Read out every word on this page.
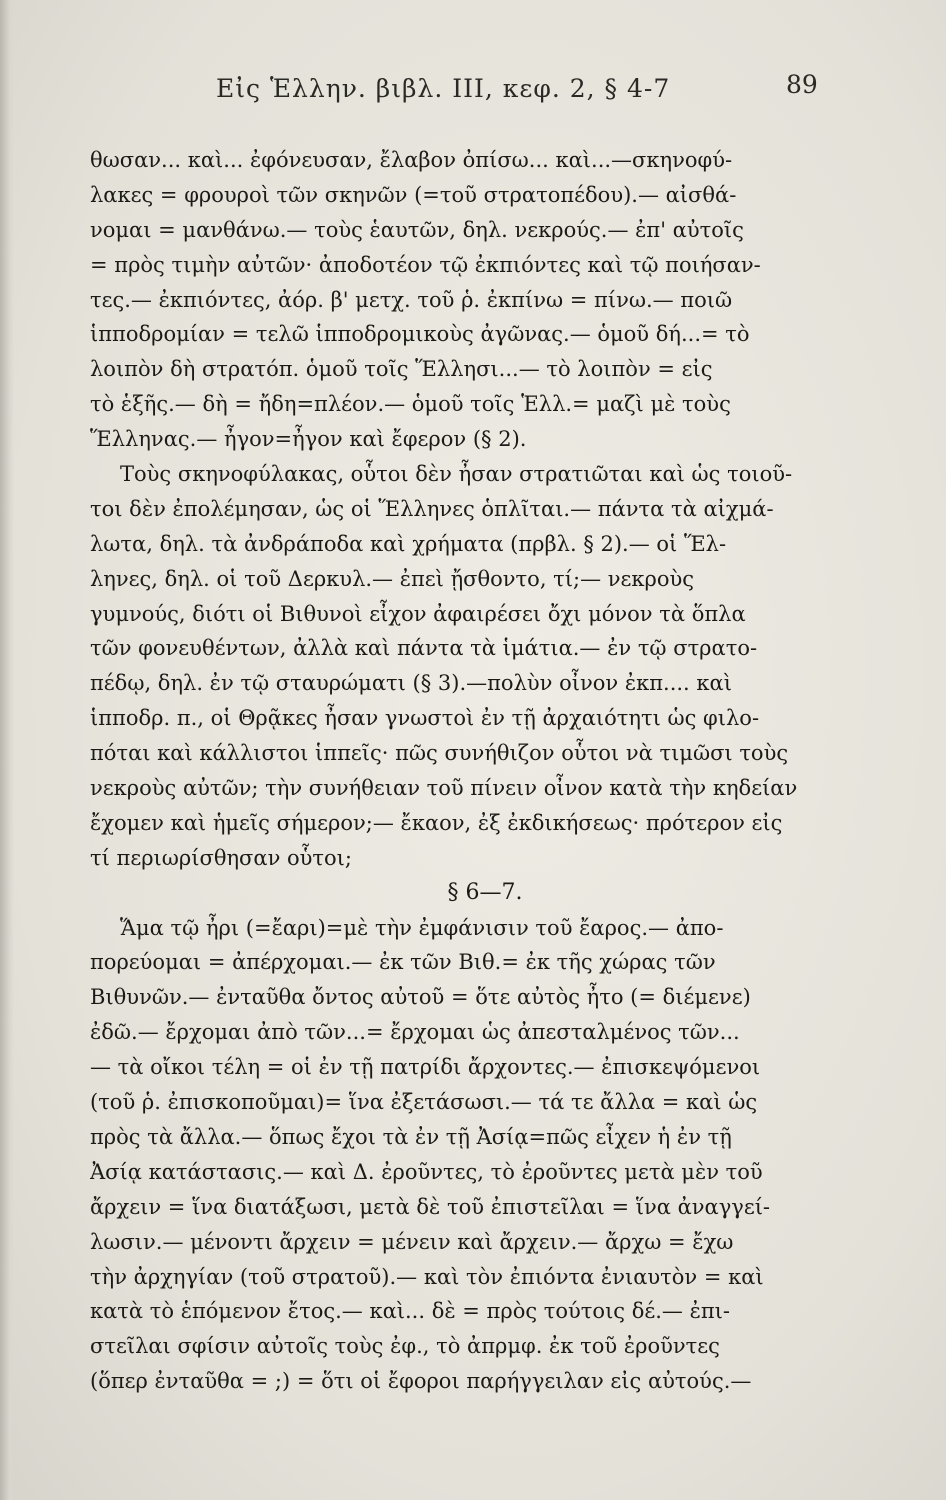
Εἰς Ἑλλην. βιβλ. III, κεφ. 2, § 4-7	89
θωσαν... καὶ... ἐφόνευσαν, ἔλαβον ὀπίσω... καὶ...—σκηνοφύ-
λακες = φρουροὶ τῶν σκηνῶν (=τοῦ στρατοπέδου).— αἰσθά-
νομαι = μανθάνω.— τοὺς ἑαυτῶν, δηλ. νεκρούς.— ἐπ' αὐτοῖς
= πρὸς τιμὴν αὐτῶν· ἀποδοτέον τῷ ἐκπιόντες καὶ τῷ ποιήσαν-
τες.— ἐκπιόντες, ἀόρ. β' μετχ. τοῦ ῥ. ἐκπίνω = πίνω.— ποιῶ
ἱπποδρομίαν = τελῶ ἱπποδρομικοὺς ἀγῶνας.— ὁμοῦ δή...= τὸ
λοιπὸν δὴ στρατόπ. ὁμοῦ τοῖς Ἕλλησι...— τὸ λοιπὸν = εἰς
τὸ ἑξῆς.— δὴ = ἤδη=πλέον.— ὁμοῦ τοῖς Ἑλλ.= μαζὶ μὲ τοὺς
Ἕλληνας.— ἦγον=ἦγον καὶ ἔφερον (§ 2).
Τοὺς σκηνοφύλακας, οὗτοι δὲν ἦσαν στρατιῶται καὶ ὡς τοιοῦ-
τοι δὲν ἐπολέμησαν, ὡς οἱ Ἕλληνες ὁπλῖται.— πάντα τὰ αἰχμά-
λωτα, δηλ. τὰ ἀνδράποδα καὶ χρήματα (πρβλ. § 2).— οἱ Ἕλ-
ληνες, δηλ. οἱ τοῦ Δερκυλ.— ἐπεὶ ᾔσθοντο, τί;— νεκροὺς
γυμνούς, διότι οἱ Βιθυνοὶ εἶχον ἀφαιρέσει ὄχι μόνον τὰ ὅπλα
τῶν φονευθέντων, ἀλλὰ καὶ πάντα τὰ ἱμάτια.— ἐν τῷ στρατο-
πέδῳ, δηλ. ἐν τῷ σταυρώματι (§ 3).—πολὺν οἶνον ἐκπ.... καὶ
ἱπποδρ. π., οἱ Θρᾷκες ἦσαν γνωστοὶ ἐν τῇ ἀρχαιότητι ὡς φιλο-
πόται καὶ κάλλιστοι ἱππεῖς· πῶς συνήθιζον οὗτοι νὰ τιμῶσι τοὺς
νεκροὺς αὐτῶν; τὴν συνήθειαν τοῦ πίνειν οἶνον κατὰ τὴν κηδείαν
ἔχομεν καὶ ἡμεῖς σήμερον;— ἔκαον, ἐξ ἐκδικήσεως· πρότερον εἰς
τί περιωρίσθησαν οὗτοι;
§ 6—7.
Ἅμα τῷ ἦρι (=ἔαρι)=μὲ τὴν ἐμφάνισιν τοῦ ἔαρος.— ἀπο-
πορεύομαι = ἀπέρχομαι.— ἐκ τῶν Βιθ.= ἐκ τῆς χώρας τῶν
Βιθυνῶν.— ἐνταῦθα ὄντος αὐτοῦ = ὅτε αὐτὸς ἦτο (= διέμενε)
ἐδῶ.— ἔρχομαι ἀπὸ τῶν...= ἔρχομαι ὡς ἀπεσταλμένος τῶν...
— τὰ οἴκοι τέλη = οἱ ἐν τῇ πατρίδι ἄρχοντες.— ἐπισκεψόμενοι
(τοῦ ῥ. ἐπισκοποῦμαι)= ἵνα ἐξετάσωσι.— τά τε ἄλλα = καὶ ὡς
πρὸς τὰ ἄλλα.— ὅπως ἔχοι τὰ ἐν τῇ Ἀσίᾳ=πῶς εἶχεν ἡ ἐν τῇ
Ἀσίᾳ κατάστασις.— καὶ Δ. ἐροῦντες, τὸ ἐροῦντες μετὰ μὲν τοῦ
ἄρχειν = ἵνα διατάξωσι, μετὰ δὲ τοῦ ἐπιστεῖλαι = ἵνα ἀναγγεί-
λωσιν.— μένοντι ἄρχειν = μένειν καὶ ἄρχειν.— ἄρχω = ἔχω
τὴν ἀρχηγίαν (τοῦ στρατοῦ).— καὶ τὸν ἐπιόντα ἐνιαυτὸν = καὶ
κατὰ τὸ ἑπόμενον ἔτος.— καὶ... δὲ = πρὸς τούτοις δέ.— ἐπι-
στεῖλαι σφίσιν αὐτοῖς τοὺς ἐφ., τὸ ἀπρμφ. ἐκ τοῦ ἐροῦντες
(ὅπερ ἐνταῦθα = ;) = ὅτι οἱ ἔφοροι παρήγγειλαν εἰς αὐτούς.—
